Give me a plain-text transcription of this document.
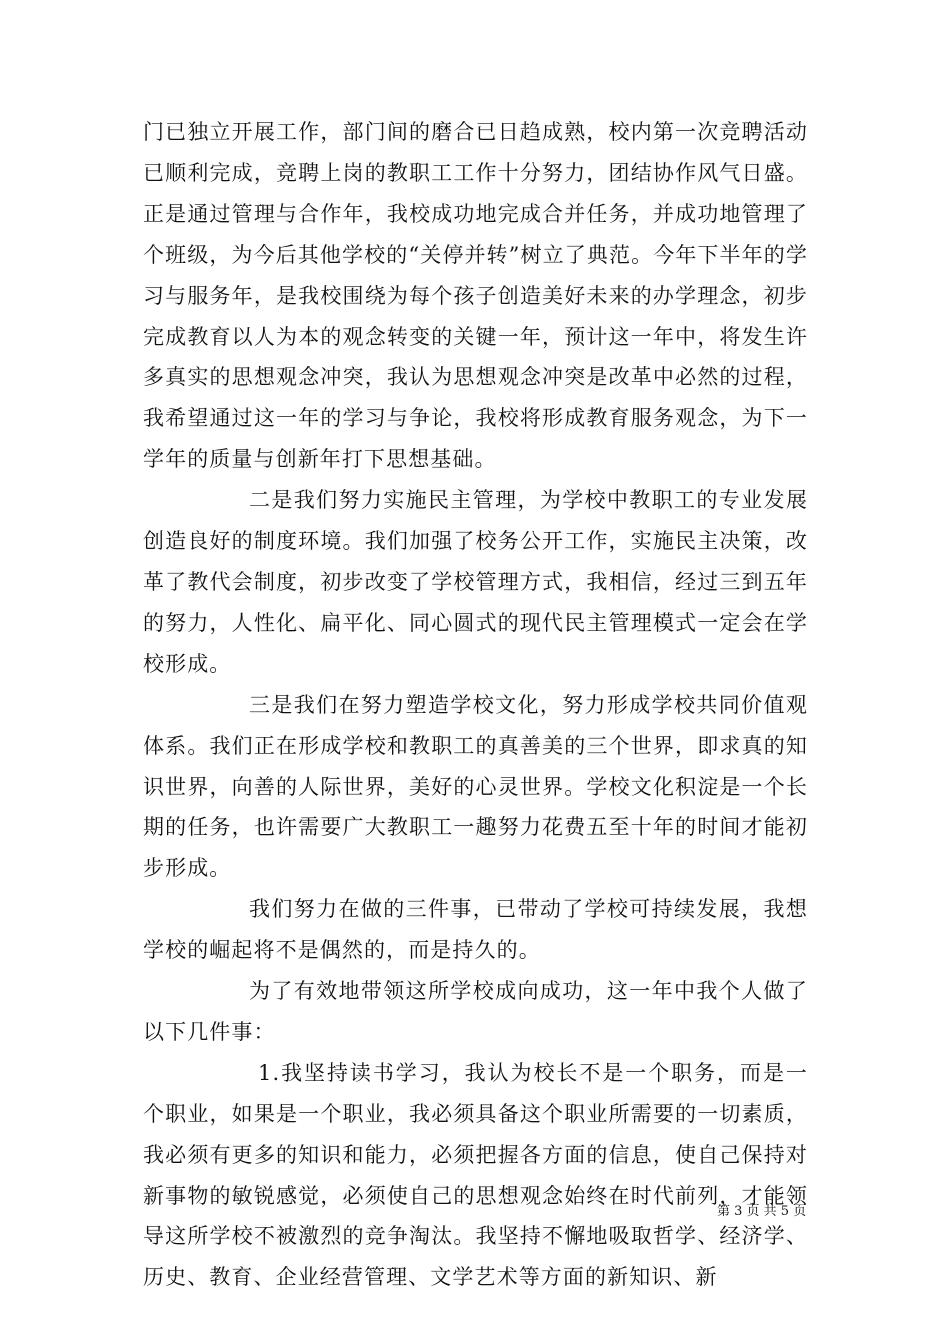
门已独立开展工作，部门间的磨合已日趋成熟，校内第一次竞聘活动已顺利完成，竞聘上岗的教职工工作十分努力，团结协作风气日盛。正是通过管理与合作年，我校成功地完成合并任务，并成功地管理了个班级，为今后其他学校的“关停并转”树立了典范。今年下半年的学习与服务年，是我校围绕为每个孩子创造美好未来的办学理念，初步完成教育以人为本的观念转变的关键一年，预计这一年中，将发生许多真实的思想观念冲突，我认为思想观念冲突是改革中必然的过程，我希望通过这一年的学习与争论，我校将形成教育服务观念，为下一学年的质量与创新年打下思想基础。

二是我们努力实施民主管理，为学校中教职工的专业发展创造良好的制度环境。我们加强了校务公开工作，实施民主决策，改革了教代会制度，初步改变了学校管理方式，我相信，经过三到五年的努力，人性化、扁平化、同心圆式的现代民主管理模式一定会在学校形成。

三是我们在努力塑造学校文化，努力形成学校共同价值观体系。我们正在形成学校和教职工的真善美的三个世界，即求真的知识世界，向善的人际世界，美好的心灵世界。学校文化积淀是一个长期的任务，也许需要广大教职工一趣努力花费五至十年的时间才能初步形成。

我们努力在做的三件事，已带动了学校可持续发展，我想学校的崛起将不是偶然的，而是持久的。

为了有效地带领这所学校成向成功，这一年中我个人做了以下几件事：

1.我坚持读书学习，我认为校长不是一个职务，而是一个职业，如果是一个职业，我必须具备这个职业所需要的一切素质，我必须有更多的知识和能力，必须把握各方面的信息，使自己保持对新事物的敏锐感觉，必须使自己的思想观念始终在时代前列，才能领导这所学校不被激烈的竞争淘汰。我坚持不懈地吸取哲学、经济学、历史、教育、企业经营管理、文学艺术等方面的新知识、新

第 3 页 共 5 页
